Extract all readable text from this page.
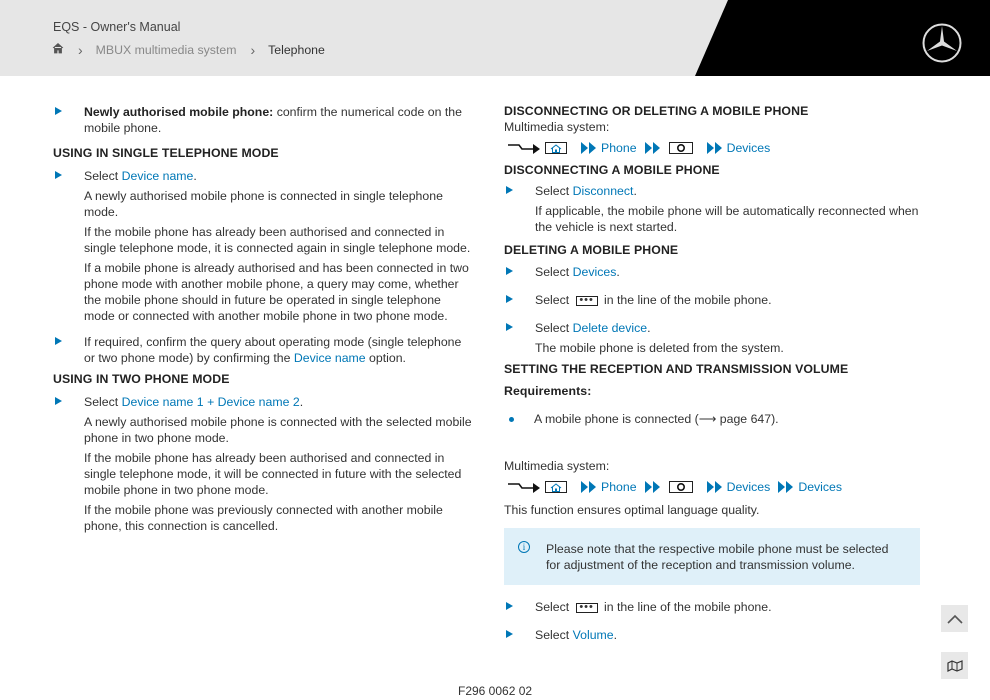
EQS - Owner's Manual
› MBUX multimedia system › Telephone

Newly authorised mobile phone: confirm the numerical code on the mobile phone.

USING IN SINGLE TELEPHONE MODE

Select Device name.

A newly authorised mobile phone is connected in single telephone mode.

If the mobile phone has already been authorised and connected in single telephone mode, it is connected again in single telephone mode.

If a mobile phone is already authorised and has been connected in two phone mode with another mobile phone, a query may come, whether the mobile phone should in future be operated in single telephone mode or connected with another mobile phone in two phone mode.

If required, confirm the query about operating mode (single telephone or two phone mode) by confirming the Device name option.

USING IN TWO PHONE MODE

Select Device name 1 + Device name 2.

A newly authorised mobile phone is connected with the selected mobile phone in two phone mode.

If the mobile phone has already been authorised and connected in single telephone mode, it will be connected in future with the selected mobile phone in two phone mode.

If the mobile phone was previously connected with another mobile phone, this connection is cancelled.

DISCONNECTING OR DELETING A MOBILE PHONE
Multimedia system:
Phone	Devices
DISCONNECTING A MOBILE PHONE

Select Disconnect.

If applicable, the mobile phone will be automatically reconnected when the vehicle is next started.

DELETING A MOBILE PHONE

Select Devices.

Select ••• in the line of the mobile phone.

Select Delete device.

The mobile phone is deleted from the system.

SETTING THE RECEPTION AND TRANSMISSION VOLUME
Requirements:
A mobile phone is connected (⟶ page 647).
Multimedia system:
Phone	Devices Devices
This function ensures optimal language quality.
i	Please note that the respective mobile phone must be selected for adjustment of the reception and transmission volume.

Select ••• in the line of the mobile phone.

Select Volume.

F296 0062 02
